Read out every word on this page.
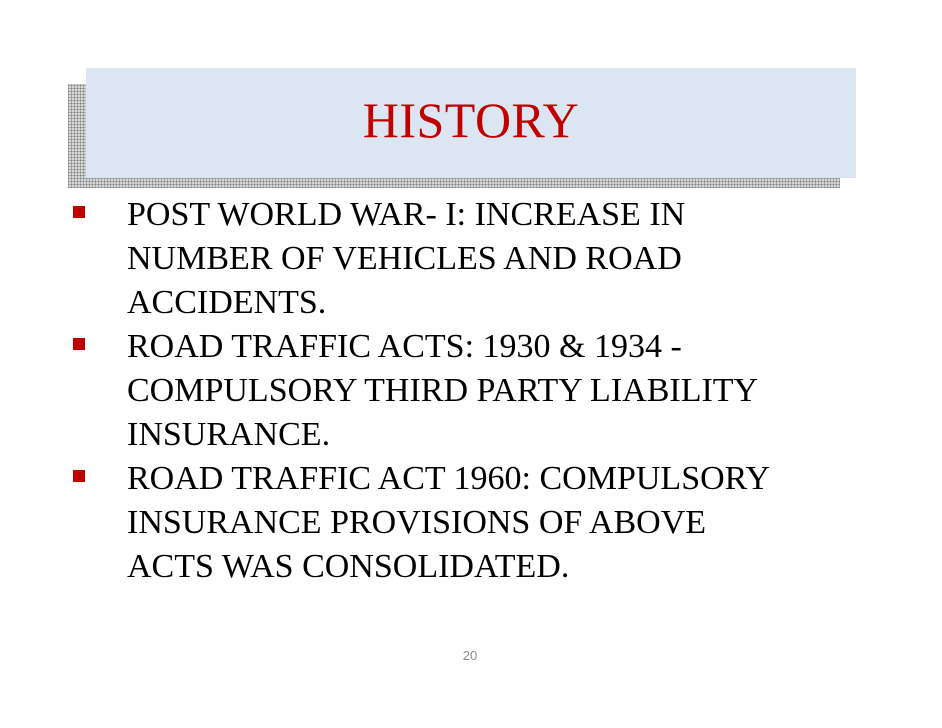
HISTORY
POST WORLD WAR- I: INCREASE IN
NUMBER OF VEHICLES AND ROAD
ACCIDENTS.
ROAD TRAFFIC ACTS: 1930 & 1934 -
COMPULSORY THIRD PARTY LIABILITY
INSURANCE.
ROAD TRAFFIC ACT 1960: COMPULSORY
INSURANCE PROVISIONS OF ABOVE
ACTS WAS CONSOLIDATED.
20
